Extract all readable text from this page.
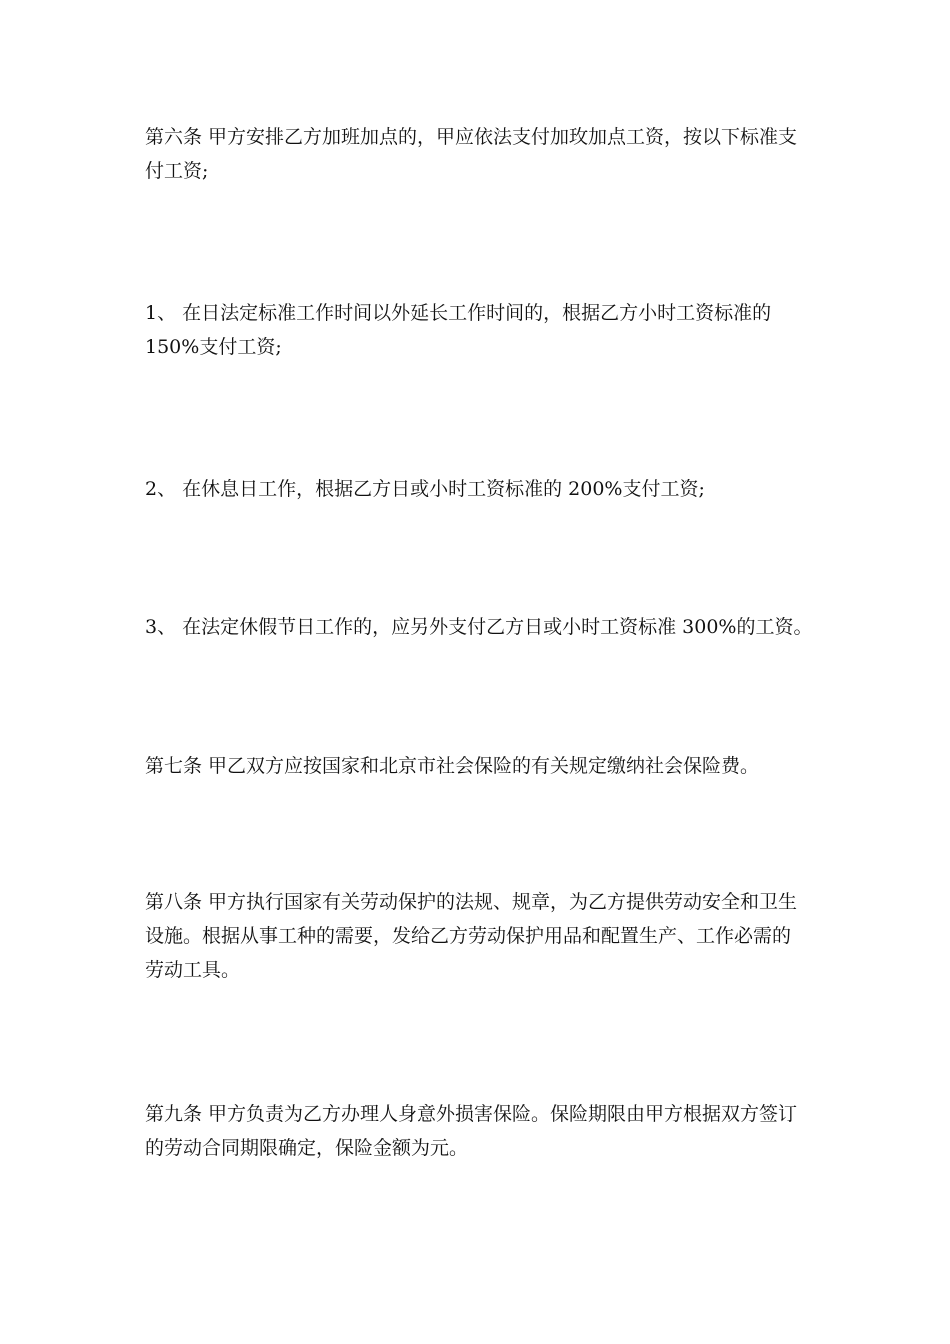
第六条 甲方安排乙方加班加点的，甲应依法支付加玫加点工资，按以下标准支
付工资;

1、 在日法定标准工作时间以外延长工作时间的，根据乙方小时工资标准的
150%支付工资;

2、 在休息日工作，根据乙方日或小时工资标准的 200%支付工资;

3、 在法定休假节日工作的，应另外支付乙方日或小时工资标准 300%的工资。

第七条 甲乙双方应按国家和北京市社会保险的有关规定缴纳社会保险费。

第八条 甲方执行国家有关劳动保护的法规、规章，为乙方提供劳动安全和卫生
设施。根据从事工种的需要，发给乙方劳动保护用品和配置生产、工作必需的
劳动工具。

第九条 甲方负责为乙方办理人身意外损害保险。保险期限由甲方根据双方签订
的劳动合同期限确定，保险金额为元。
